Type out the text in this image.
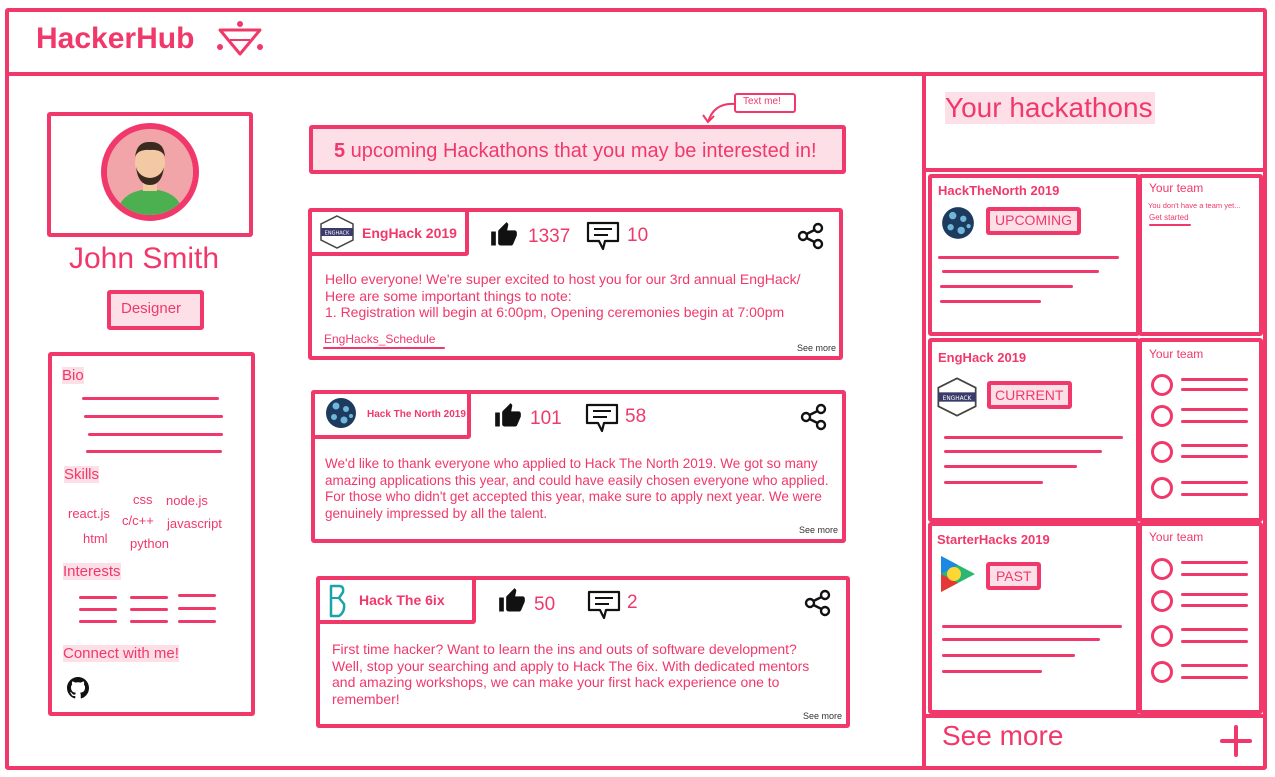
HackerHub
John Smith
Designer
Bio
Skills
react.js
css
c/c++
node.js
html python
javascript
Interests
Connect with me!
Text me!
5 upcoming Hackathons that you may be interested in!
ENGHACK EngHack 2019	1337	10
Hello everyone! We're super excited to host you for our 3rd annual EngHack/
Here are some important things to note:
1. Registration will begin at 6:00pm, Opening ceremonies begin at 7:00pm
EngHacks_Schedule
See more
Hack The North 2019	101	58
We'd like to thank everyone who applied to Hack The North 2019. We got so many
amazing applications this year, and could have easily chosen everyone who applied.
For those who didn't get accepted this year, make sure to apply next year. We were
genuinely impressed by all the talent.
See more
Hack The 6ix	50	2
First time hacker? Want to learn the ins and outs of software development?
Well, stop your searching and apply to Hack The 6ix. With dedicated mentors
and amazing workshops, we can make your first hack experience one to
remember!
See more
Your hackathons
HackTheNorth 2019
UPCOMING
Your team
You don't have a team yet...
Get started
EngHack 2019
ENGHACK CURRENT
Your team
StarterHacks 2019
PAST
Your team
See more
